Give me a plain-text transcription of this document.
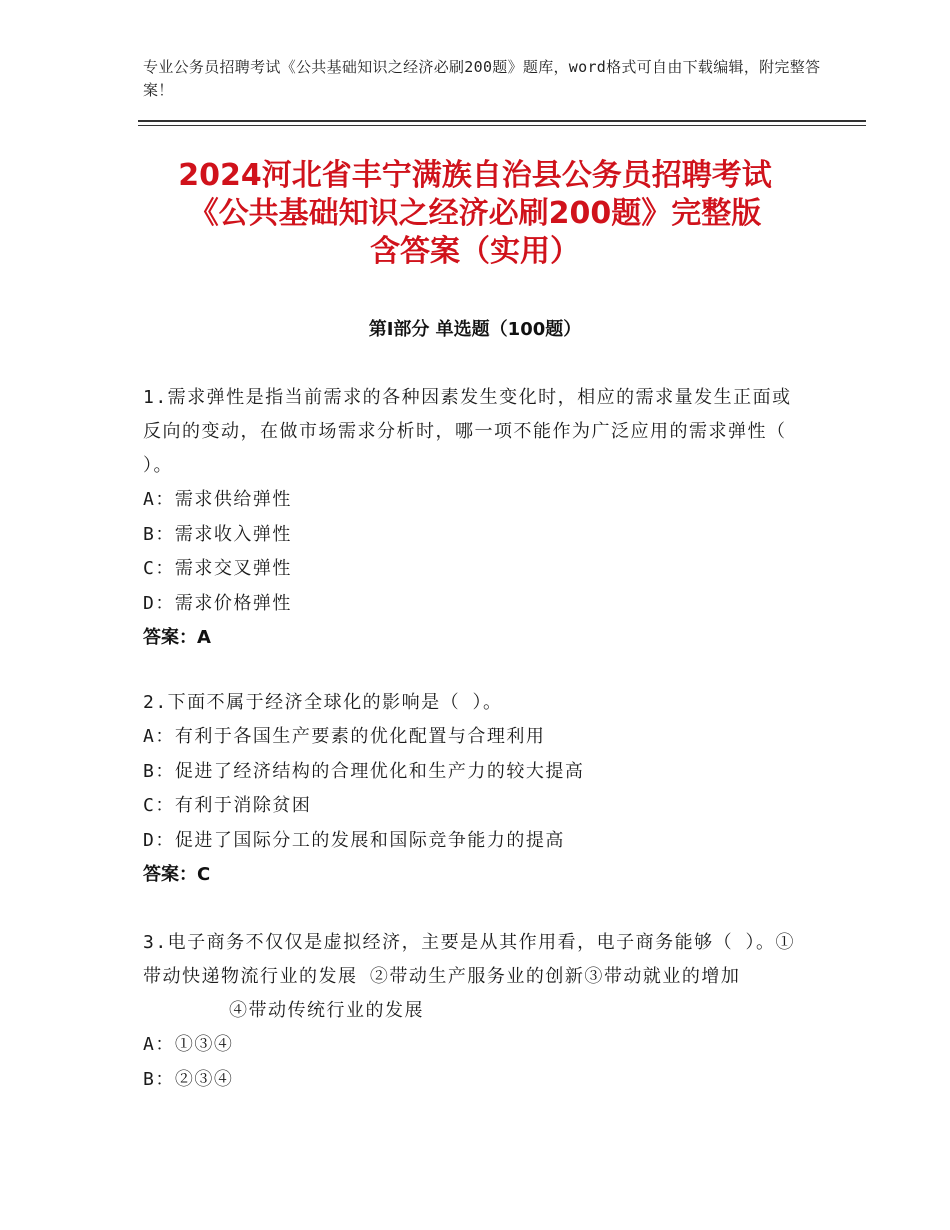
专业公务员招聘考试《公共基础知识之经济必刷200题》题库，word格式可自由下载编辑，附完整答案！
2024河北省丰宁满族自治县公务员招聘考试
《公共基础知识之经济必刷200题》完整版
含答案（实用）
第Ⅰ部分 单选题（100题）
1.需求弹性是指当前需求的各种因素发生变化时，相应的需求量发生正面或反向的变动，在做市场需求分析时，哪一项不能作为广泛应用的需求弹性（ ）。
A：需求供给弹性
B：需求收入弹性
C：需求交叉弹性
D：需求价格弹性
答案：A
2.下面不属于经济全球化的影响是（ ）。
A：有利于各国生产要素的优化配置与合理利用
B：促进了经济结构的合理优化和生产力的较大提高
C：有利于消除贫困
D：促进了国际分工的发展和国际竞争能力的提高
答案：C
3.电子商务不仅仅是虚拟经济，主要是从其作用看，电子商务能够（ ）。①带动快递物流行业的发展 ②带动生产服务业的创新③带动就业的增加④带动传统行业的发展
A：①③④
B：②③④
